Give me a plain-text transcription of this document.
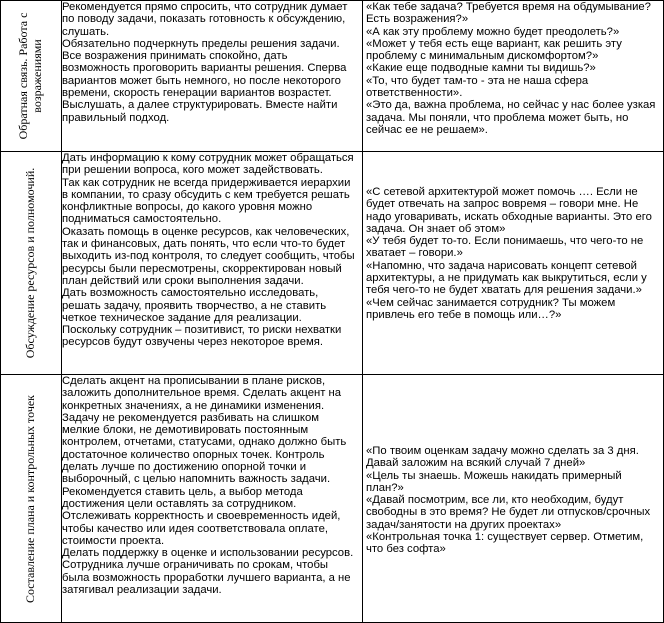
Обратная связь. Работа с возражениями
Рекомендуется прямо спросить, что сотрудник думает по поводу задачи, показать готовность к обсуждению, слушать.
Обязательно подчеркнуть пределы решения задачи.
Все возражения принимать спокойно, дать возможность проговорить варианты решения. Сперва вариантов может быть немного, но после некоторого времени, скорость генерации вариантов возрастет.
Выслушать, а далее структурировать. Вместе найти правильный подход.
«Как тебе задача? Требуется время на обдумывание? Есть возражения?»
«А как эту проблему можно будет преодолеть?»
«Может у тебя есть еще вариант, как решить эту проблему с минимальным дискомфортом?»
«Какие еще подводные камни ты видишь?»
«То, что будет там-то - эта не наша сфера ответственности».
«Это да, важна проблема, но сейчас у нас более узкая задача. Мы поняли, что проблема может быть, но сейчас ее не решаем».
Обсуждение ресурсов и полномочий.
Дать информацию к кому сотрудник может обращаться при решении вопроса, кого может задействовать.
Так как сотрудник не всегда придерживается иерархии в компании, то сразу обсудить с кем требуется решать конфликтные вопросы, до какого уровня можно подниматься самостоятельно.
Оказать помощь в оценке ресурсов, как человеческих, так и финансовых, дать понять, что если что-то будет выходить из-под контроля, то следует сообщить, чтобы ресурсы были пересмотрены, скорректирован новый план действий или сроки выполнения задачи.
Дать возможность самостоятельно исследовать, решать задачу, проявить творчество, а не ставить четкое техническое задание для реализации.
Поскольку сотрудник – позитивист, то риски нехватки ресурсов будут озвучены через некоторое время.
«С сетевой архитектурой может помочь …. Если не будет отвечать на запрос вовремя – говори мне. Не надо уговаривать, искать обходные варианты. Это его задача. Он знает об этом»
«У тебя будет то-то. Если понимаешь, что чего-то не хватает – говори.»
«Напомню, что задача нарисовать концепт сетевой архитектуры, а не придумать как выкрутиться, если у тебя чего-то не будет хватать для решения задачи.»
«Чем сейчас занимается сотрудник? Ты можем привлечь его тебе в помощь или…?»
Составление плана и контрольных точек
Сделать акцент на прописывании в плане рисков, заложить дополнительное время. Сделать акцент на конкретных значениях, а не динамики изменения.
Задачу не рекомендуется разбивать на слишком мелкие блоки, не демотивировать постоянным контролем, отчетами, статусами, однако должно быть достаточное количество опорных точек. Контроль делать лучше по достижению опорной точки и выборочный, с целью напомнить важность задачи.
Рекомендуется ставить цель, а выбор метода достижения цели оставлять за сотрудником.
Отслеживать корректность и своевременность идей, чтобы качество или идея соответствовала оплате, стоимости проекта.
Делать поддержку в оценке и использовании ресурсов.
Сотрудника лучше ограничивать по срокам, чтобы была возможность проработки лучшего варианта, а не затягивал реализации задачи.
«По твоим оценкам задачу можно сделать за 3 дня. Давай заложим на всякий случай 7 дней»
«Цель ты знаешь. Можешь накидать примерный план?»
«Давай посмотрим, все ли, кто необходим, будут свободны в это время? Не будет ли отпусков/срочных задач/занятости на других проектах»
«Контрольная точка 1: существует сервер. Отметим, что без софта»
